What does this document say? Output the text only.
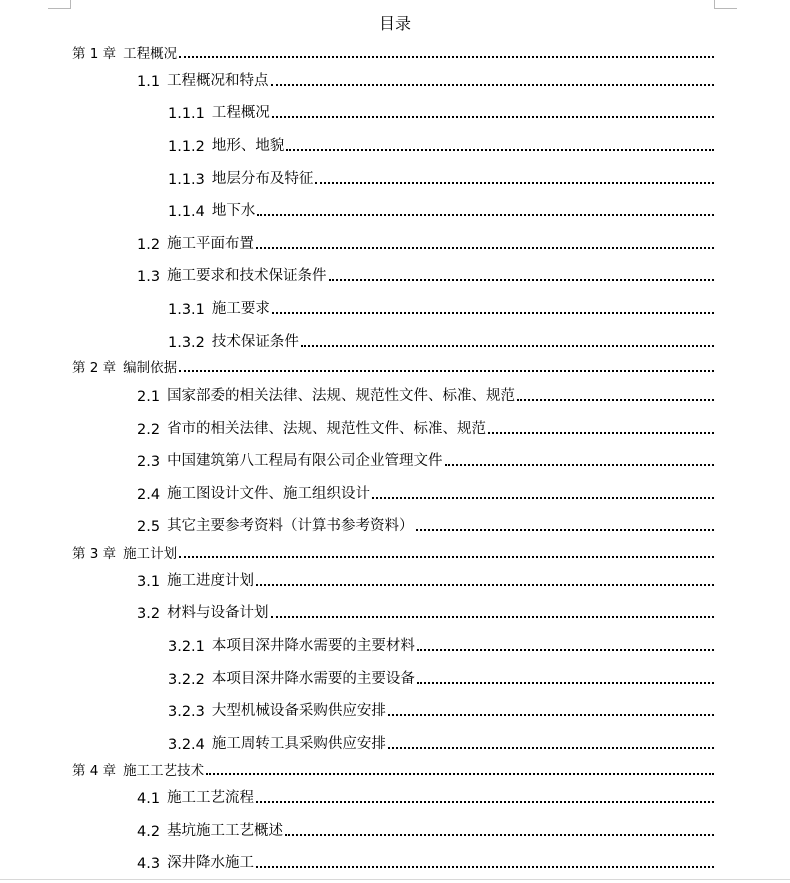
目录
第 1 章 工程概况
1.1 工程概况和特点
1.1.1 工程概况
1.1.2 地形、地貌
1.1.3 地层分布及特征
1.1.4 地下水
1.2 施工平面布置
1.3 施工要求和技术保证条件
1.3.1 施工要求
1.3.2 技术保证条件
第 2 章 编制依据
2.1 国家部委的相关法律、法规、规范性文件、标准、规范
2.2 省市的相关法律、法规、规范性文件、标准、规范
2.3 中国建筑第八工程局有限公司企业管理文件
2.4 施工图设计文件、施工组织设计
2.5 其它主要参考资料（计算书参考资料）
第 3 章 施工计划
3.1 施工进度计划
3.2 材料与设备计划
3.2.1 本项目深井降水需要的主要材料
3.2.2 本项目深井降水需要的主要设备
3.2.3 大型机械设备采购供应安排
3.2.4 施工周转工具采购供应安排
第 4 章 施工工艺技术
4.1 施工工艺流程
4.2 基坑施工工艺概述
4.3 深井降水施工
